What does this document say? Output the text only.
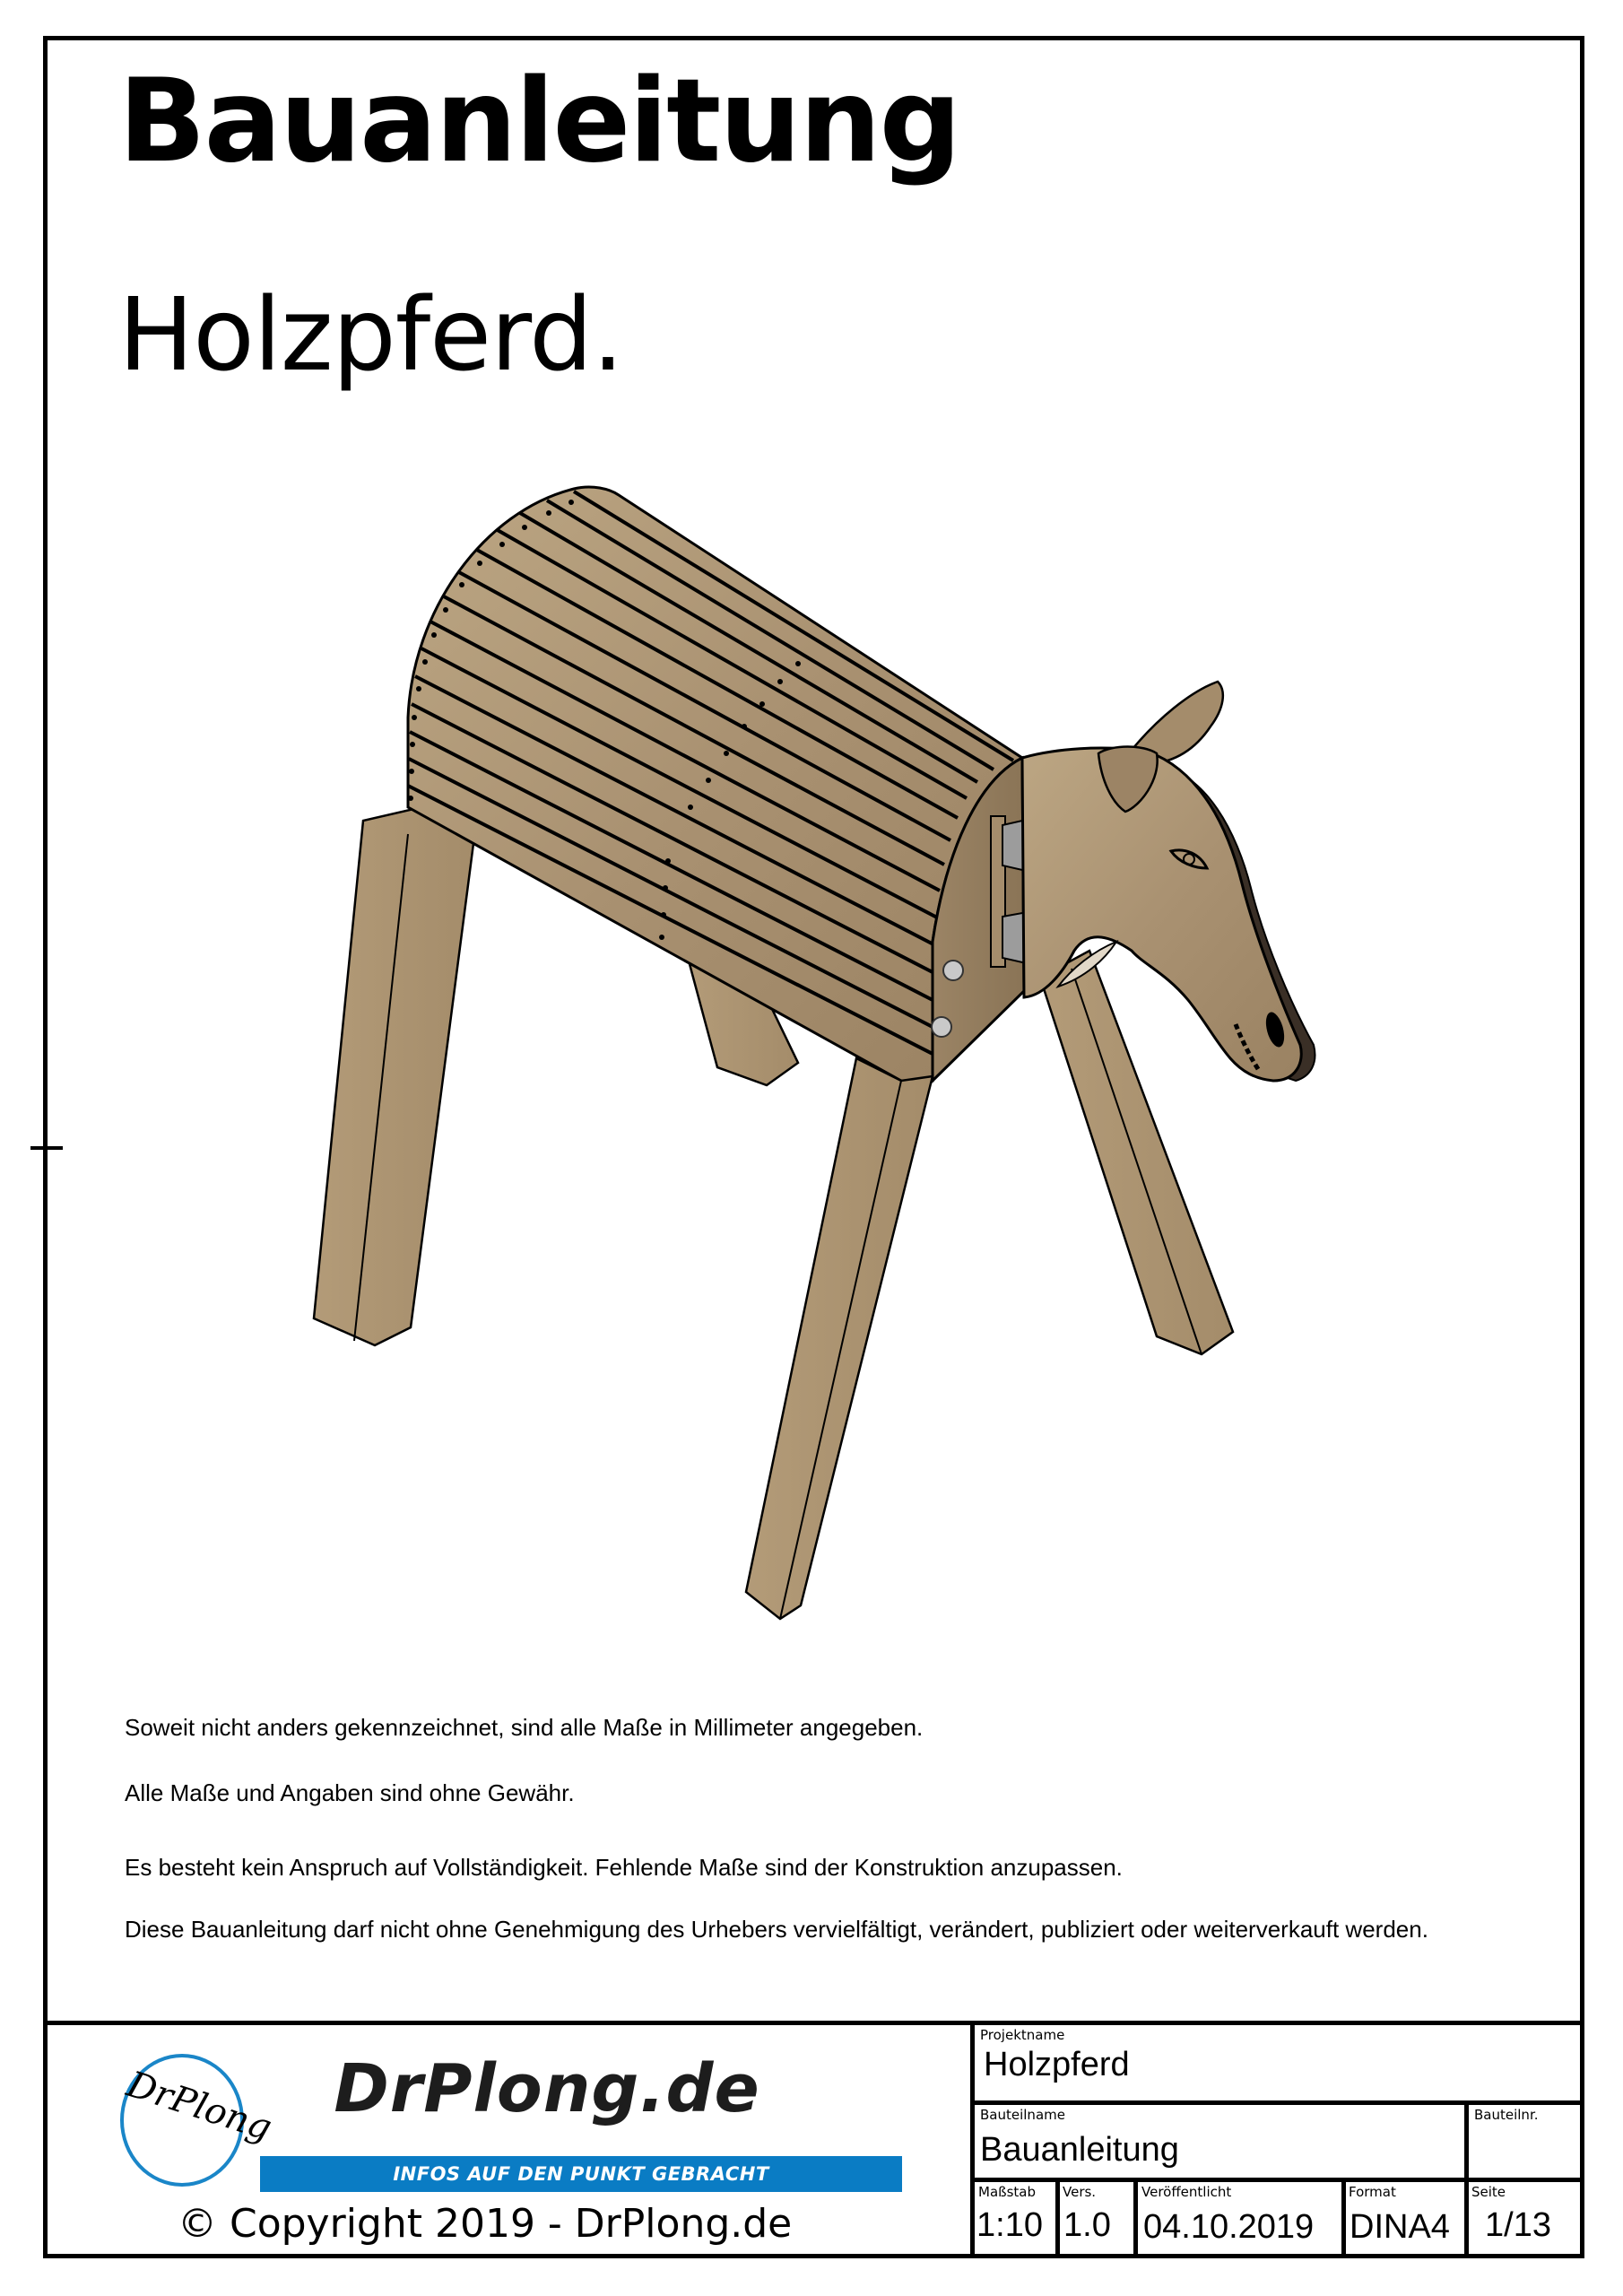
Bauanleitung
Holzpferd.

Soweit nicht anders gekennzeichnet, sind alle Maße in Millimeter angegeben.

Alle Maße und Angaben sind ohne Gewähr.

Es besteht kein Anspruch auf Vollständigkeit. Fehlende Maße sind der Konstruktion anzupassen.

Diese Bauanleitung darf nicht ohne Genehmigung des Urhebers vervielfältigt, verändert, publiziert oder weiterverkauft werden.

DrPlong DrPlong.de
INFOS AUF DEN PUNKT GEBRACHT
© Copyright 2019 - DrPlong.de
Projektname
Holzpferd
Bauteilname
Bauanleitung
Bauteilnr.
Maßstab
1:10
Vers.
1.0
Veröffentlicht
04.10.2019
Format
DINA4
Seite
1/13
